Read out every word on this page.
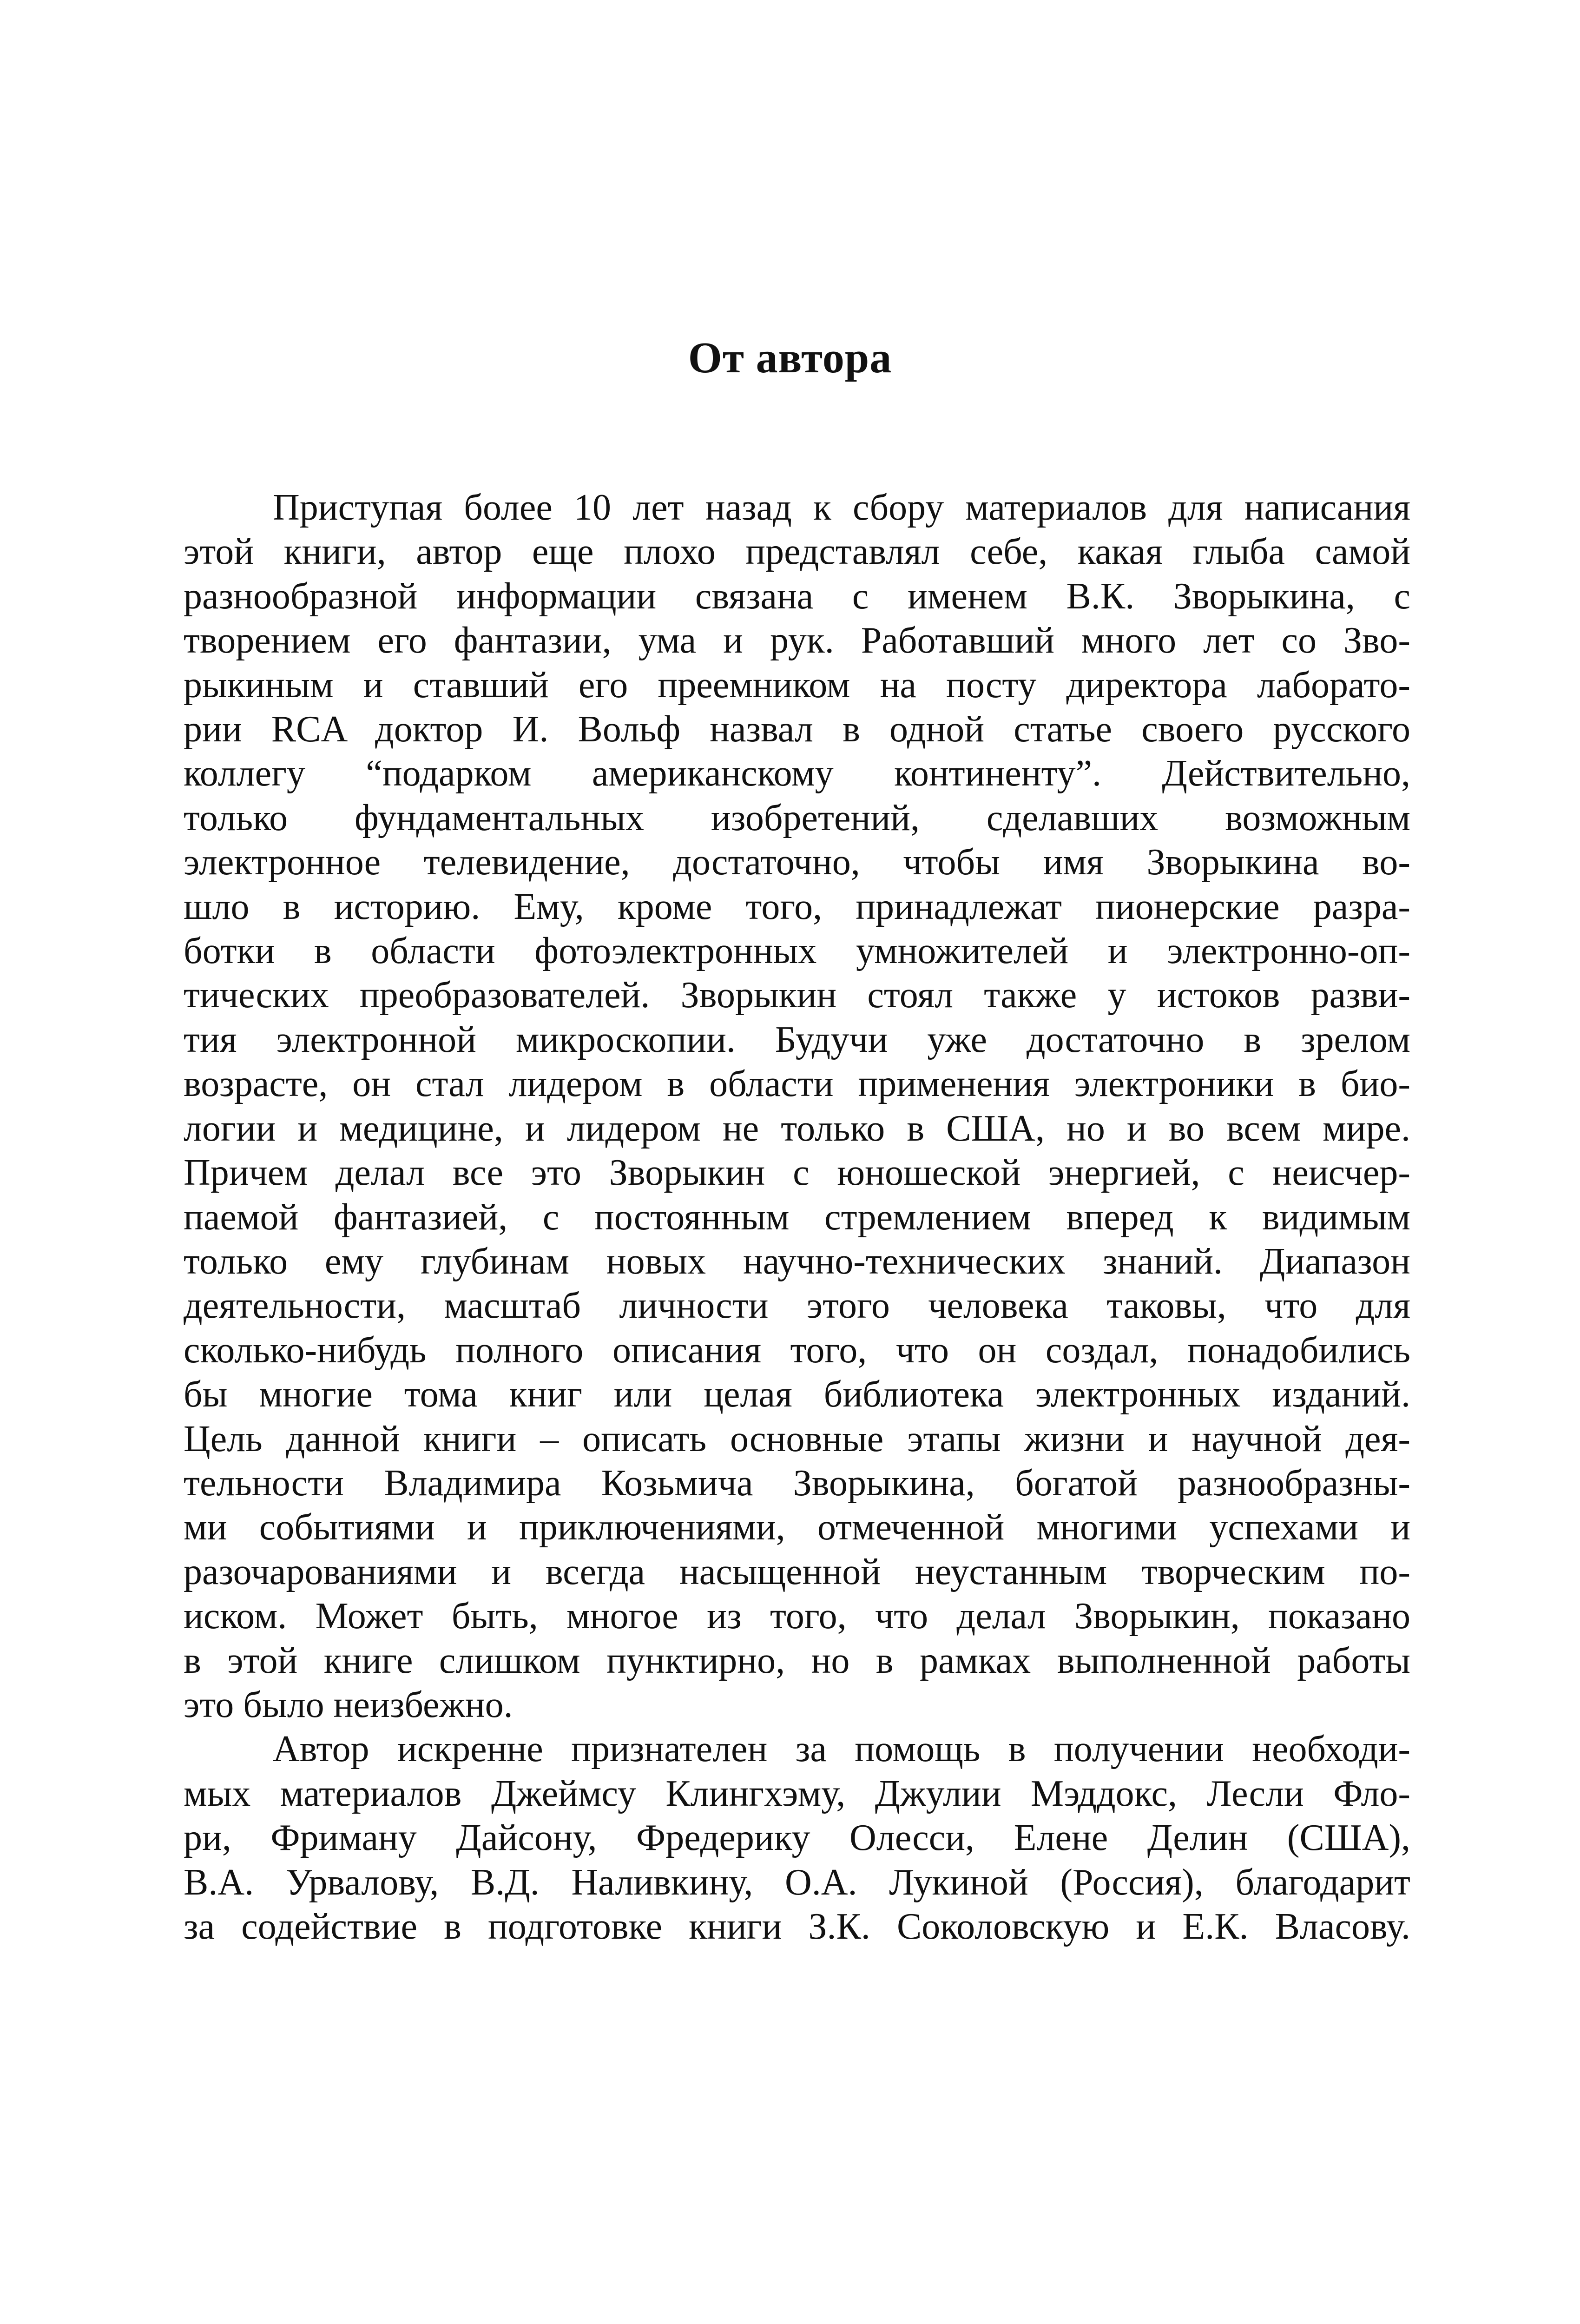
От автора

Приступая более 10 лет назад к сбору материалов для написания
этой книги, автор еще плохо представлял себе, какая глыба самой
разнообразной информации связана с именем В.К. Зворыкина, с
творением его фантазии, ума и рук. Работавший много лет со Зво-
рыкиным и ставший его преемником на посту директора лаборато-
рии RCA доктор И. Вольф назвал в одной статье своего русского
коллегу “подарком американскому континенту”. Действительно,
только фундаментальных изобретений, сделавших возможным
электронное телевидение, достаточно, чтобы имя Зворыкина во-
шло в историю. Ему, кроме того, принадлежат пионерские разра-
ботки в области фотоэлектронных умножителей и электронно-оп-
тических преобразователей. Зворыкин стоял также у истоков разви-
тия электронной микроскопии. Будучи уже достаточно в зрелом
возрасте, он стал лидером в области применения электроники в био-
логии и медицине, и лидером не только в США, но и во всем мире.
Причем делал все это Зворыкин с юношеской энергией, с неисчер-
паемой фантазией, с постоянным стремлением вперед к видимым
только ему глубинам новых научно-технических знаний. Диапазон
деятельности, масштаб личности этого человека таковы, что для
сколько-нибудь полного описания того, что он создал, понадобились
бы многие тома книг или целая библиотека электронных изданий.
Цель данной книги – описать основные этапы жизни и научной дея-
тельности Владимира Козьмича Зворыкина, богатой разнообразны-
ми событиями и приключениями, отмеченной многими успехами и
разочарованиями и всегда насыщенной неустанным творческим по-
иском. Может быть, многое из того, что делал Зворыкин, показано
в этой книге слишком пунктирно, но в рамках выполненной работы
это было неизбежно.

Автор искренне признателен за помощь в получении необходи-
мых материалов Джеймсу Клингхэму, Джулии Мэддокс, Лесли Фло-
ри, Фриману Дайсону, Фредерику Олесси, Елене Делин (США),
В.А. Урвалову, В.Д. Наливкину, О.А. Лукиной (Россия), благодарит
за содействие в подготовке книги З.К. Соколовскую и Е.К. Власову.
